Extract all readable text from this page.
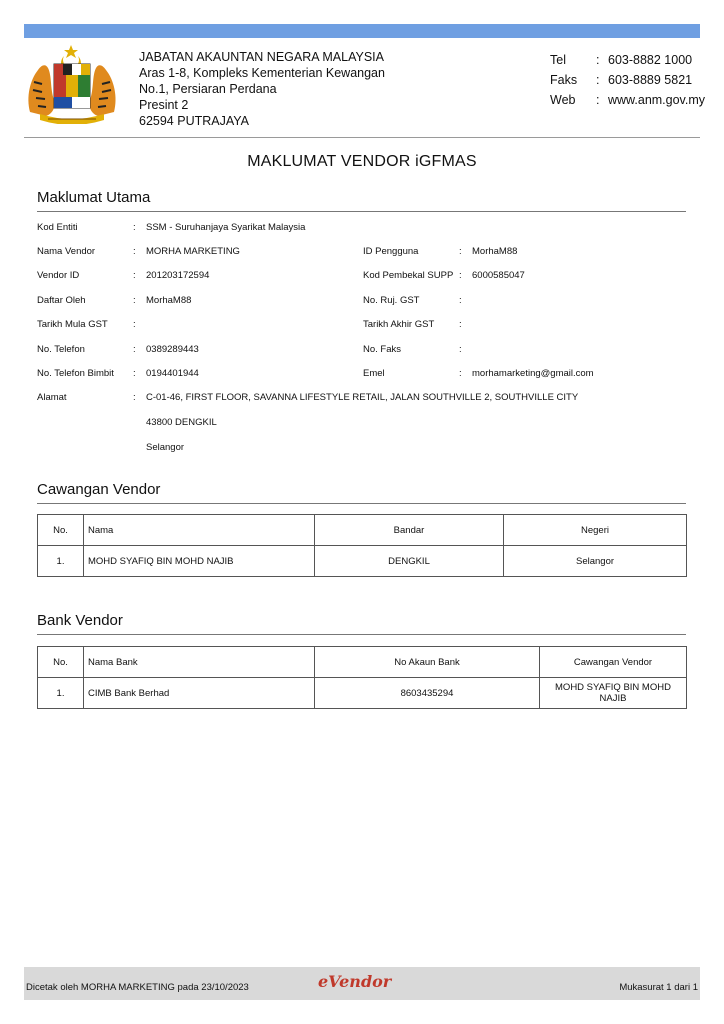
JABATAN AKAUNTAN NEGARA MALAYSIA
Aras 1-8, Kompleks Kementerian Kewangan
No.1, Persiaran Perdana
Presint 2
62594 PUTRAJAYA
Tel	: 603-8882 1000
Faks	: 603-8889 5821
Web	: www.anm.gov.my
MAKLUMAT VENDOR iGFMAS
Maklumat Utama
Kod Entiti	: SSM - Suruhanjaya Syarikat Malaysia
Nama Vendor	: MORHA MARKETING	ID Pengguna	: MorhaM88
Vendor ID	: 201203172594	Kod Pembekal SUPP : 6000585047
Daftar Oleh	: MorhaM88	No. Ruj. GST	:
Tarikh Mula GST	:	Tarikh Akhir GST	:
No. Telefon	: 0389289443	No. Faks	:
No. Telefon Bimbit : 0194401944	Emel	: morhamarketing@gmail.com
Alamat	: C-01-46, FIRST FLOOR, SAVANNA LIFESTYLE RETAIL, JALAN SOUTHVILLE 2, SOUTHVILLE CITY
43800 DENGKIL
Selangor
Cawangan Vendor
No.	Nama	Bandar	Negeri
1.	MOHD SYAFIQ BIN MOHD NAJIB	DENGKIL	Selangor
Bank Vendor
No.	Nama Bank	No Akaun Bank	Cawangan Vendor
1.	CIMB Bank Berhad	8603435294	MOHD SYAFIQ BIN MOHD NAJIB
Dicetak oleh MORHA MARKETING pada 23/10/2023	eVendor	Mukasurat 1 dari 1
